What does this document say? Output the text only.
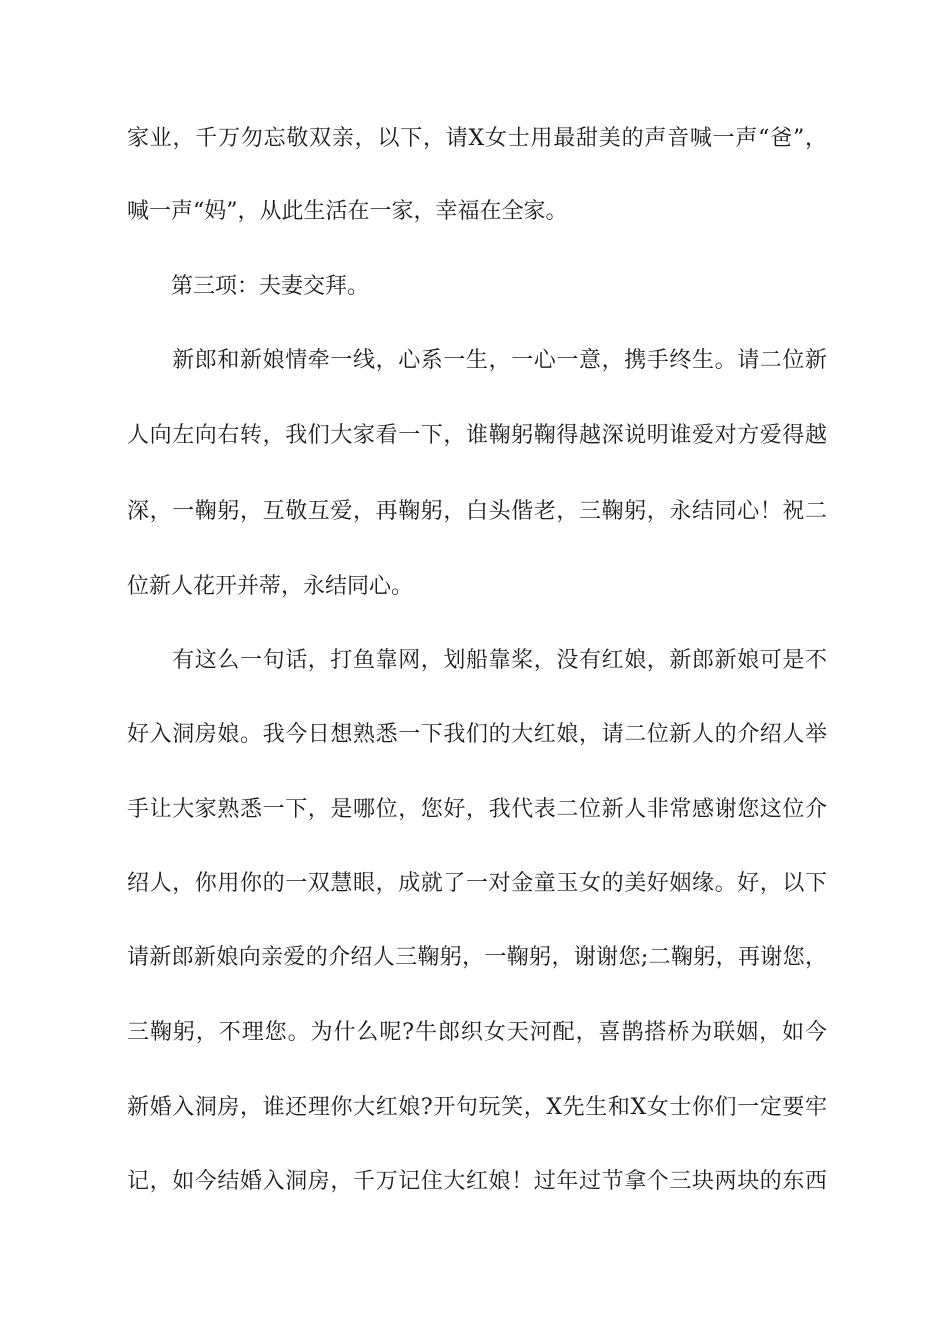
家业，千万勿忘敬双亲，以下，请X女士用最甜美的声音喊一声“爸”，
喊一声“妈”，从此生活在一家，幸福在全家。
　　第三项：夫妻交拜。
　　新郎和新娘情牵一线，心系一生，一心一意，携手终生。请二位新
人向左向右转，我们大家看一下，谁鞠躬鞠得越深说明谁爱对方爱得越
深，一鞠躬，互敬互爱，再鞠躬，白头偕老，三鞠躬，永结同心！祝二
位新人花开并蒂，永结同心。
　　有这么一句话，打鱼靠网，划船靠桨，没有红娘，新郎新娘可是不
好入洞房娘。我今日想熟悉一下我们的大红娘，请二位新人的介绍人举
手让大家熟悉一下，是哪位，您好，我代表二位新人非常感谢您这位介
绍人，你用你的一双慧眼，成就了一对金童玉女的美好姻缘。好，以下
请新郎新娘向亲爱的介绍人三鞠躬，一鞠躬，谢谢您;二鞠躬，再谢您，
三鞠躬，不理您。为什么呢?牛郎织女天河配，喜鹊搭桥为联姻，如今
新婚入洞房，谁还理你大红娘?开句玩笑，X先生和X女士你们一定要牢
记，如今结婚入洞房，千万记住大红娘！过年过节拿个三块两块的东西
